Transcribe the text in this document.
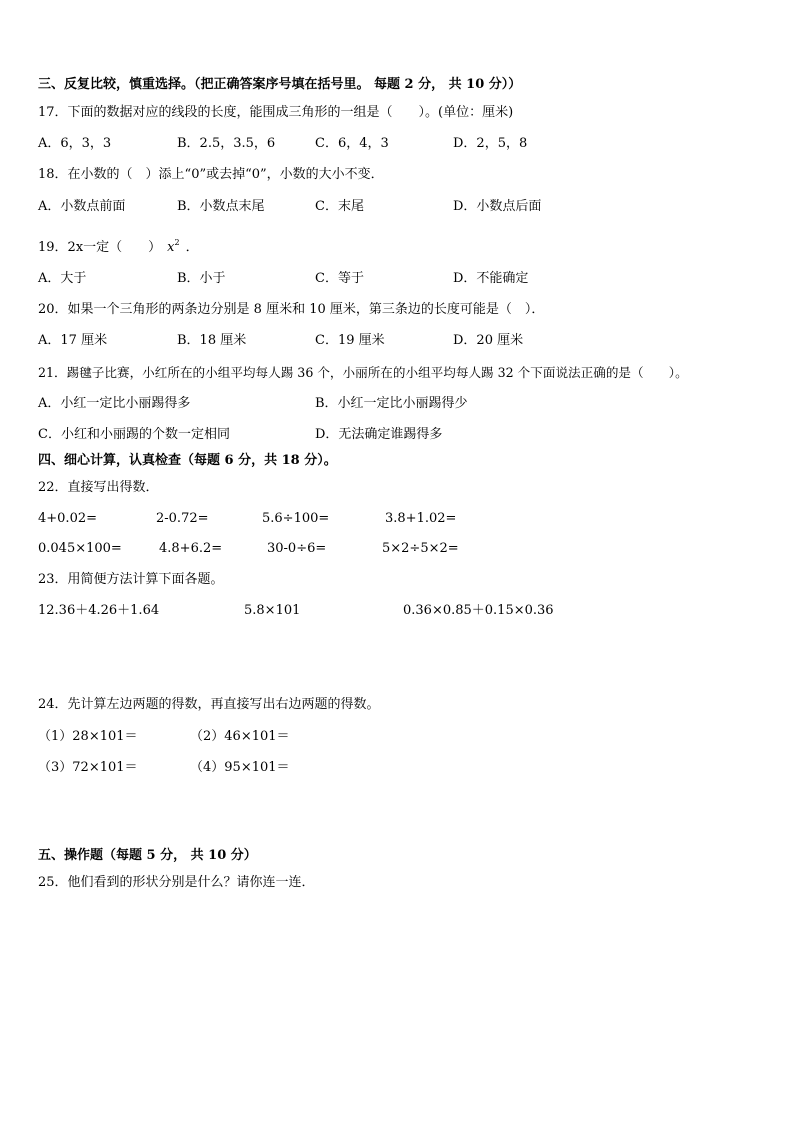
三、反复比较，慎重选择。（把正确答案序号填在括号里。 每题 2 分， 共 10 分））
17．下面的数据对应的线段的长度，能围成三角形的一组是（　　）。(单位：厘米)
A．6，3，3	B．2.5，3.5，6	C．6，4，3	D．2，5，8
18．在小数的（　）添上“0”或去掉“0”，小数的大小不变．
A．小数点前面	B．小数点末尾	C．末尾	D．小数点后面
19．2x一定（　　） $x^2$ ．
A．大于	B．小于	C．等于	D．不能确定
20．如果一个三角形的两条边分别是 8 厘米和 10 厘米，第三条边的长度可能是（　）．
A．17 厘米	B．18 厘米	C．19 厘米	D．20 厘米
21．踢毽子比赛，小红所在的小组平均每人踢 36 个，小丽所在的小组平均每人踢 32 个下面说法正确的是（　　）。
A．小红一定比小丽踢得多	B．小红一定比小丽踢得少
C．小红和小丽踢的个数一定相同	D．无法确定谁踢得多
四、细心计算，认真检查（每题 6 分，共 18 分）。
22．直接写出得数．
4+0.02=	2-0.72=	5.6÷100=	3.8+1.02=
0.045×100=	4.8+6.2=	30-0÷6=	5×2÷5×2=
23．用简便方法计算下面各题。
12.36＋4.26＋1.64	5.8×101	0.36×0.85＋0.15×0.36
24．先计算左边两题的得数，再直接写出右边两题的得数。
（1）28×101＝	（2）46×101＝
（3）72×101＝	（4）95×101＝
五、操作题（每题 5 分， 共 10 分）
25．他们看到的形状分别是什么？请你连一连．
